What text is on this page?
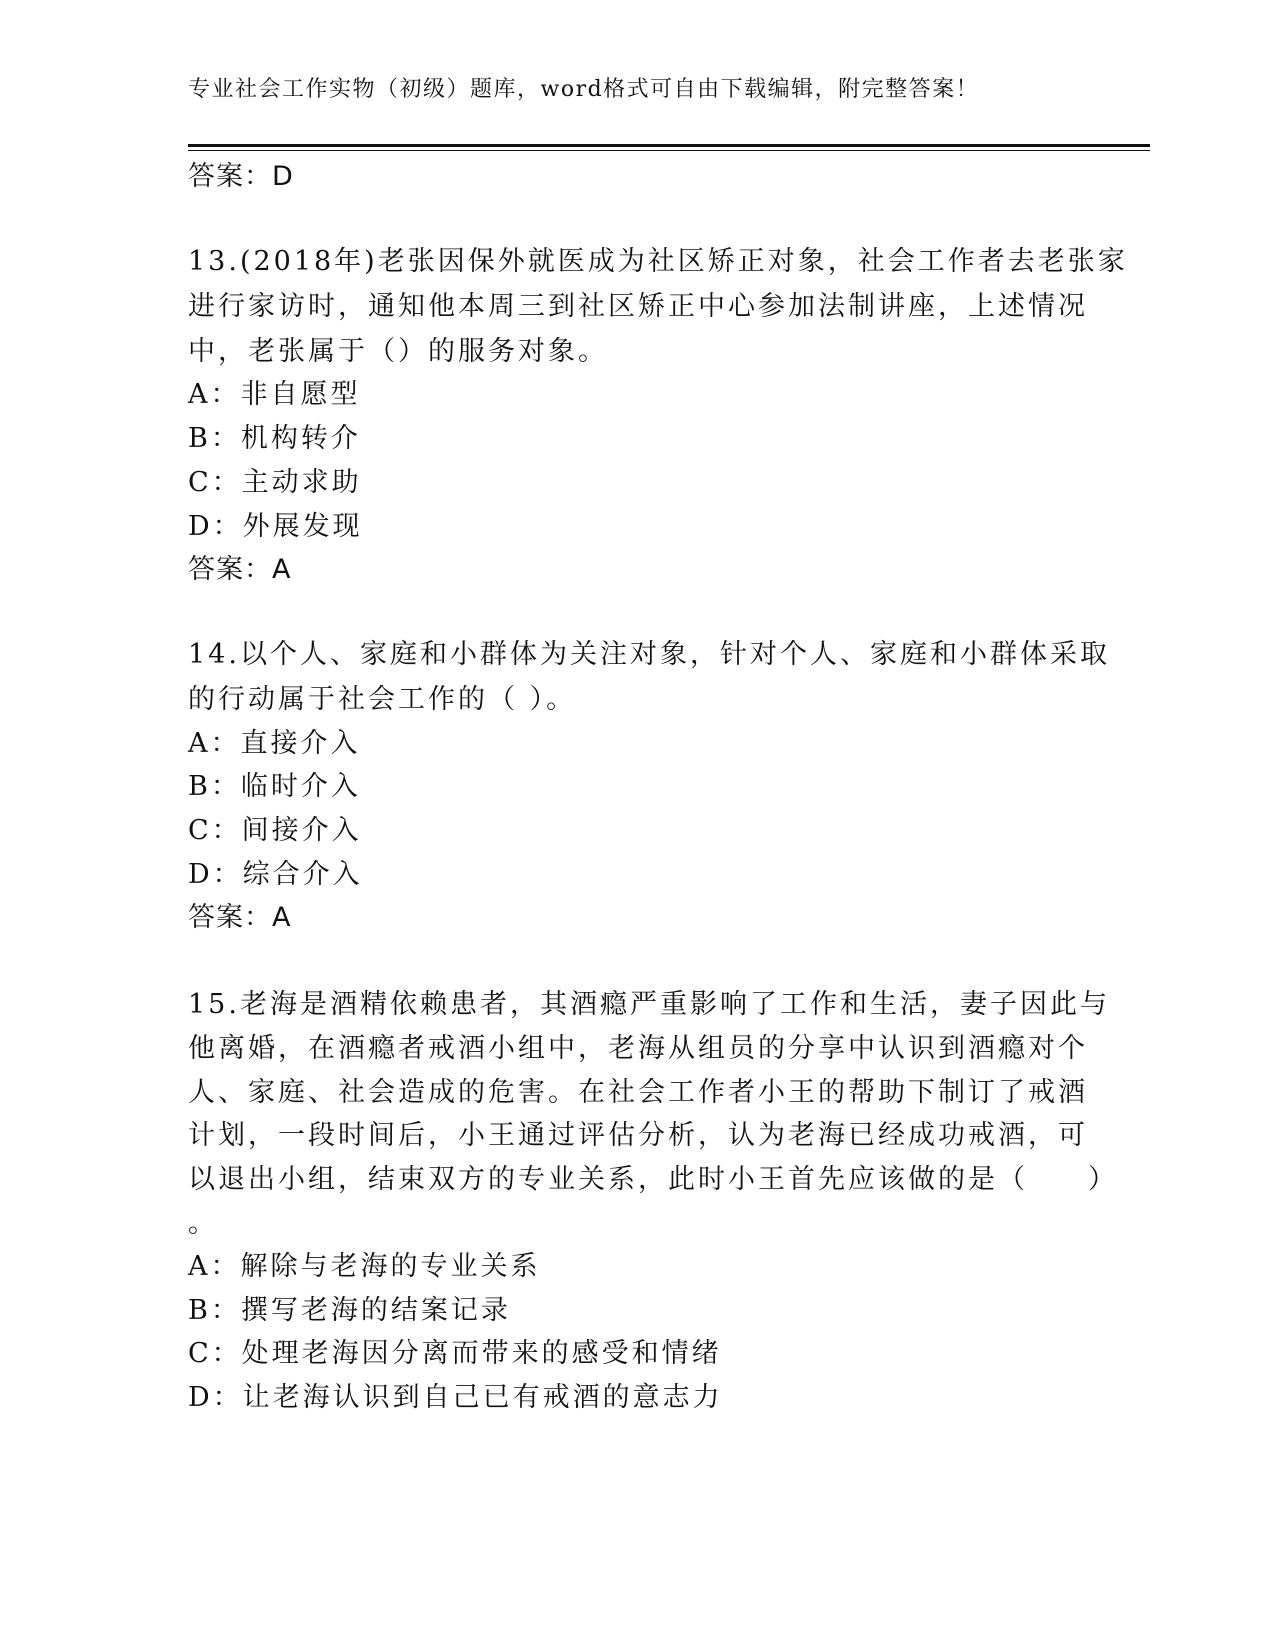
专业社会工作实物（初级）题库，word格式可自由下载编辑，附完整答案！
答案：D
13.(2018年)老张因保外就医成为社区矫正对象，社会工作者去老张家
进行家访时，通知他本周三到社区矫正中心参加法制讲座，上述情况
中，老张属于（）的服务对象。
A：非自愿型
B：机构转介
C：主动求助
D：外展发现
答案：A
14.以个人、家庭和小群体为关注对象，针对个人、家庭和小群体采取
的行动属于社会工作的（ ）。
A：直接介入
B：临时介入
C：间接介入
D：综合介入
答案：A
15.老海是酒精依赖患者，其酒瘾严重影响了工作和生活，妻子因此与
他离婚，在酒瘾者戒酒小组中，老海从组员的分享中认识到酒瘾对个
人、家庭、社会造成的危害。在社会工作者小王的帮助下制订了戒酒
计划，一段时间后，小王通过评估分析，认为老海已经成功戒酒，可
以退出小组，结束双方的专业关系，此时小王首先应该做的是（　　）
。
A：解除与老海的专业关系
B：撰写老海的结案记录
C：处理老海因分离而带来的感受和情绪
D：让老海认识到自己已有戒酒的意志力
